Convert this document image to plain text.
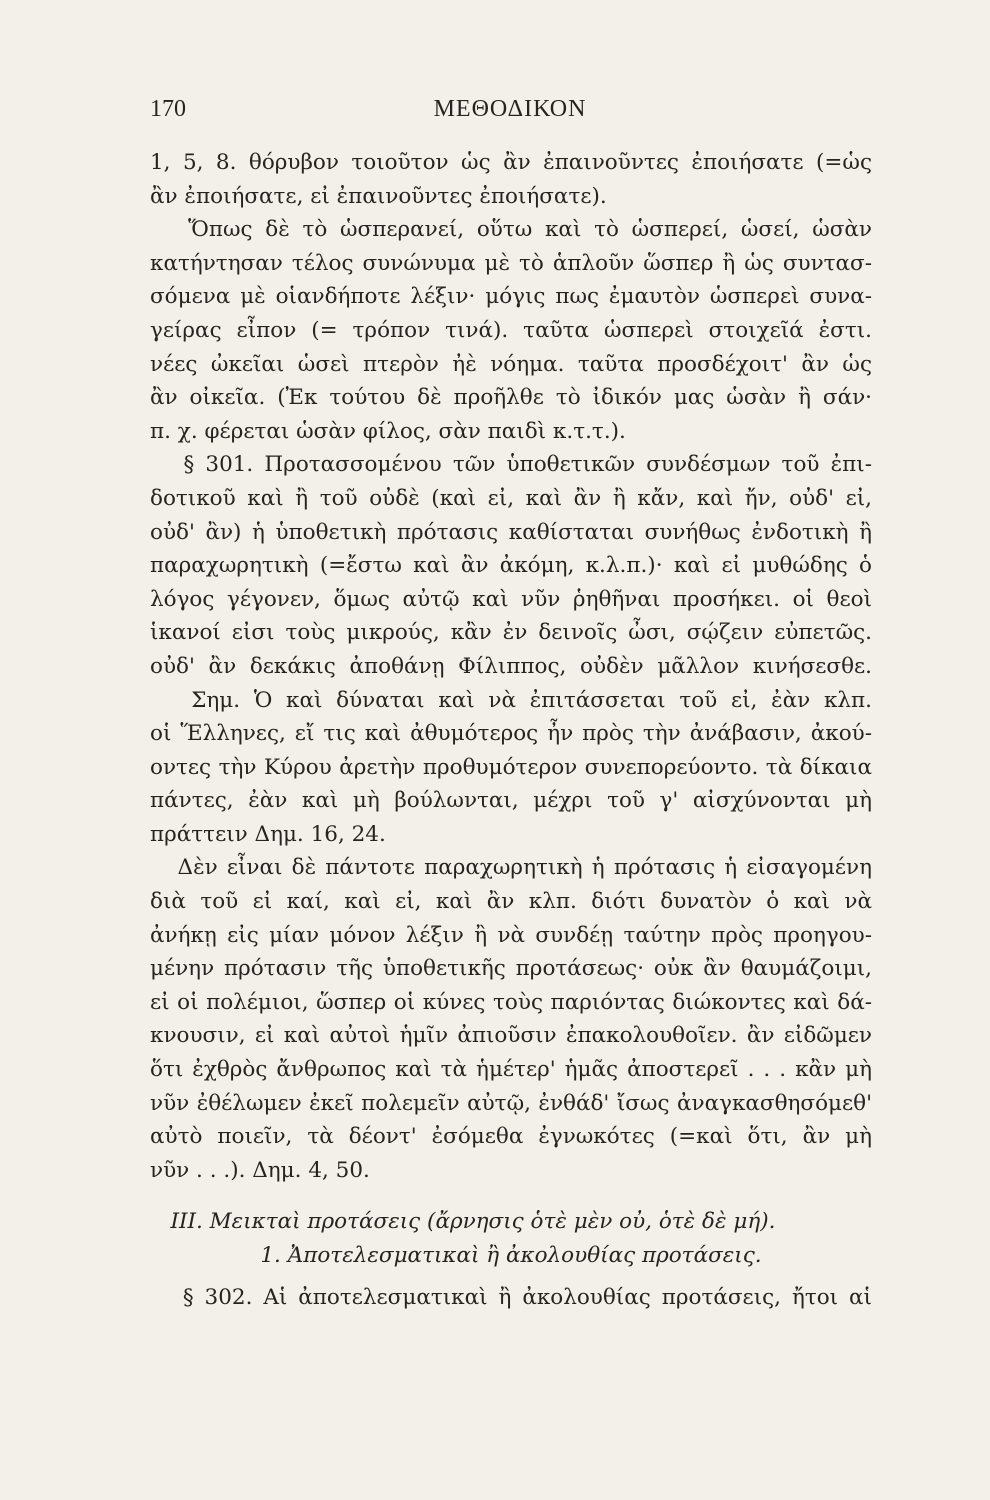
170	ΜΕΘΟΔΙΚΟΝ
1, 5, 8. θόρυβον τοιοῦτον ὡς ἂν ἐπαινοῦντες ἐποιήσατε (=ὡς
ἂν ἐποιήσατε, εἰ ἐπαινοῦντες ἐποιήσατε).
Ὅπως δὲ τὸ ὡσπερανεί, οὕτω καὶ τὸ ὡσπερεί, ὡσεί, ὡσὰν
κατήντησαν τέλος συνώνυμα μὲ τὸ ἁπλοῦν ὥσπερ ἢ ὡς συντασ-
σόμενα μὲ οἱανδήποτε λέξιν· μόγις πως ἐμαυτὸν ὡσπερεὶ συνα-
γείρας εἶπον (= τρόπον τινά). ταῦτα ὡσπερεὶ στοιχεῖά ἐστι.
νέες ὠκεῖαι ὡσεὶ πτερὸν ἠὲ νόημα. ταῦτα προσδέχοιτ' ἂν ὡς
ἂν οἰκεῖα. (Ἐκ τούτου δὲ προῆλθε τὸ ἰδικόν μας ὡσὰν ἢ σάν·
π. χ. φέρεται ὡσὰν φίλος, σὰν παιδὶ κ.τ.τ.).
§ 301. Προτασσομένου τῶν ὑποθετικῶν συνδέσμων τοῦ ἐπι-
δοτικοῦ καὶ ἢ τοῦ οὐδὲ (καὶ εἰ, καὶ ἂν ἢ κἄν, καὶ ἤν, οὐδ' εἰ,
οὐδ' ἂν) ἡ ὑποθετικὴ πρότασις καθίσταται συνήθως ἐνδοτικὴ ἢ
παραχωρητικὴ (=ἔστω καὶ ἂν ἀκόμη, κ.λ.π.)· καὶ εἰ μυθώδης ὁ
λόγος γέγονεν, ὅμως αὐτῷ καὶ νῦν ῥηθῆναι προσήκει. οἱ θεοὶ
ἱκανοί εἰσι τοὺς μικρούς, κἂν ἐν δεινοῖς ὦσι, σῴζειν εὐπετῶς.
οὐδ' ἂν δεκάκις ἀποθάνῃ Φίλιππος, οὐδὲν μᾶλλον κινήσεσθε.
Σημ. Ὁ καὶ δύναται καὶ νὰ ἐπιτάσσεται τοῦ εἰ, ἐὰν κλπ.
οἱ Ἕλληνες, εἴ τις καὶ ἀθυμότερος ἦν πρὸς τὴν ἀνάβασιν, ἀκού-
οντες τὴν Κύρου ἀρετὴν προθυμότερον συνεπορεύοντο. τὰ δίκαια
πάντες, ἐὰν καὶ μὴ βούλωνται, μέχρι τοῦ γ' αἰσχύνονται μὴ
πράττειν Δημ. 16, 24.
Δὲν εἶναι δὲ πάντοτε παραχωρητικὴ ἡ πρότασις ἡ εἰσαγομένη
διὰ τοῦ εἰ καί, καὶ εἰ, καὶ ἂν κλπ. διότι δυνατὸν ὁ καὶ νὰ
ἀνήκῃ εἰς μίαν μόνον λέξιν ἢ νὰ συνδέῃ ταύτην πρὸς προηγου-
μένην πρότασιν τῆς ὑποθετικῆς προτάσεως· οὐκ ἂν θαυμάζοιμι,
εἰ οἱ πολέμιοι, ὥσπερ οἱ κύνες τοὺς παριόντας διώκοντες καὶ δά-
κνουσιν, εἰ καὶ αὐτοὶ ἡμῖν ἀπιοῦσιν ἐπακολουθοῖεν. ἂν εἰδῶμεν
ὅτι ἐχθρὸς ἄνθρωπος καὶ τὰ ἡμέτερ' ἡμᾶς ἀποστερεῖ . . . κἂν μὴ
νῦν ἐθέλωμεν ἐκεῖ πολεμεῖν αὐτῷ, ἐνθάδ' ἴσως ἀναγκασθησόμεθ'
αὐτὸ ποιεῖν, τὰ δέοντ' ἐσόμεθα ἐγνωκότες (=καὶ ὅτι, ἂν μὴ
νῦν . . .). Δημ. 4, 50.
III. Μεικταὶ προτάσεις (ἄρνησις ὁτὲ μὲν οὐ, ὁτὲ δὲ μή).
1. Ἀποτελεσματικαὶ ἢ ἀκολουθίας προτάσεις.
§ 302. Αἱ ἀποτελεσματικαὶ ἢ ἀκολουθίας προτάσεις, ἤτοι αἱ
